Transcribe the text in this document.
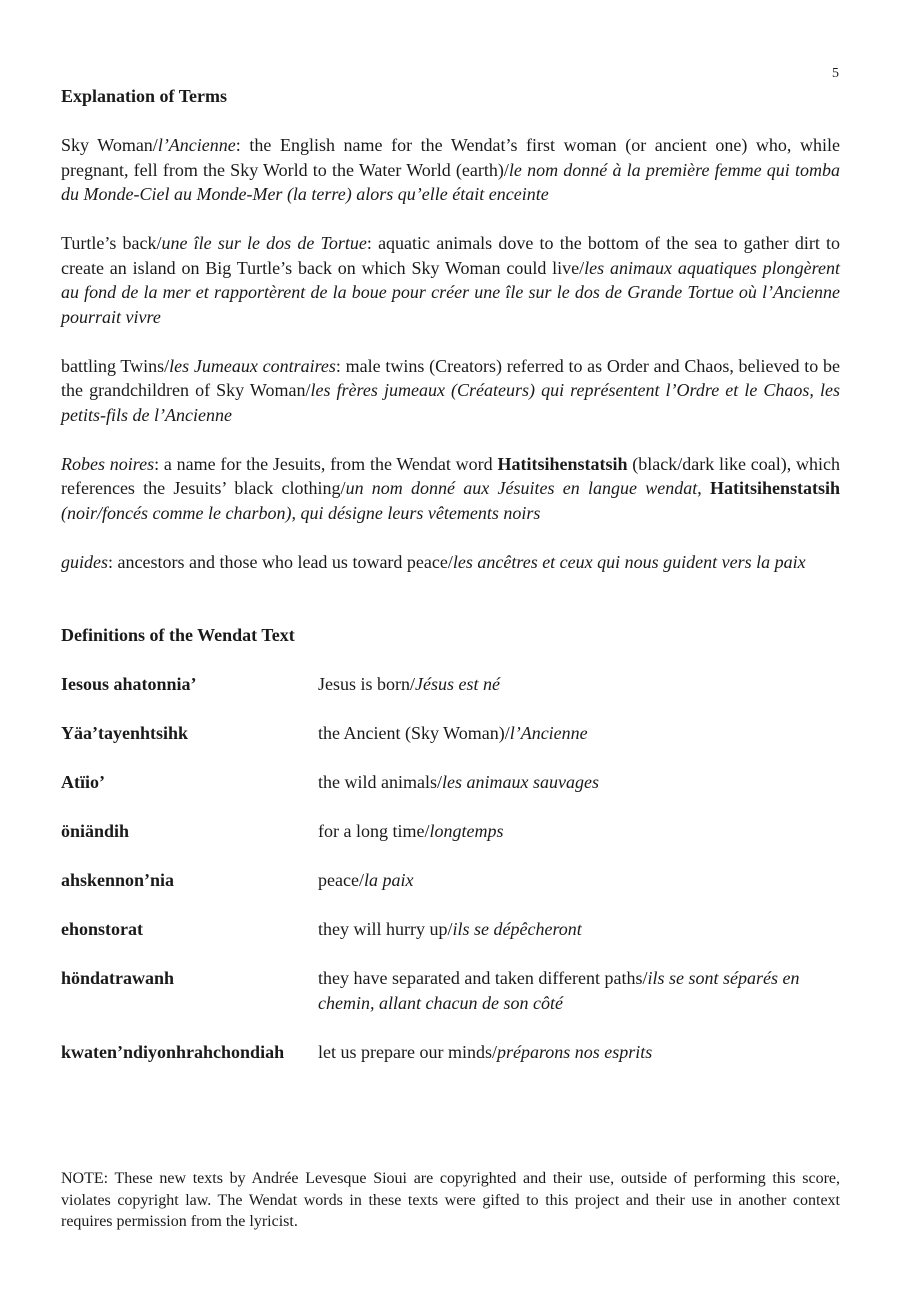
5
Explanation of Terms

Sky Woman/l’Ancienne: the English name for the Wendat’s first woman (or ancient one) who, while pregnant, fell from the Sky World to the Water World (earth)/le nom donné à la première femme qui tomba du Monde-Ciel au Monde-Mer (la terre) alors qu’elle était enceinte

Turtle’s back/une île sur le dos de Tortue: aquatic animals dove to the bottom of the sea to gather dirt to create an island on Big Turtle’s back on which Sky Woman could live/les animaux aquatiques plongèrent au fond de la mer et rapportèrent de la boue pour créer une île sur le dos de Grande Tortue où l’Ancienne pourrait vivre

battling Twins/les Jumeaux contraires: male twins (Creators) referred to as Order and Chaos, believed to be the grandchildren of Sky Woman/les frères jumeaux (Créateurs) qui représentent l’Ordre et le Chaos, les petits-fils de l’Ancienne

Robes noires: a name for the Jesuits, from the Wendat word Hatitsihenstatsih (black/dark like coal), which references the Jesuits’ black clothing/un nom donné aux Jésuites en langue wendat, Hatitsihenstatsih (noir/foncés comme le charbon), qui désigne leurs vêtements noirs

guides: ancestors and those who lead us toward peace/les ancêtres et ceux qui nous guident vers la paix

Definitions of the Wendat Text
Iesous ahatonnia’	Jesus is born/Jésus est né
Yäa’tayenhtsihk	the Ancient (Sky Woman)/l’Ancienne
Atïio’	the wild animals/les animaux sauvages
öniändih	for a long time/longtemps
ahskennon’nia	peace/la paix
ehonstorat	they will hurry up/ils se dépêcheront
höndatrawanh	they have separated and taken different paths/ils se sont séparés en chemin, allant chacun de son côté
kwaten’ndiyonhrahchondiah	let us prepare our minds/préparons nos esprits

NOTE: These new texts by Andrée Levesque Sioui are copyrighted and their use, outside of performing this score, violates copyright law. The Wendat words in these texts were gifted to this project and their use in another context requires permission from the lyricist.
